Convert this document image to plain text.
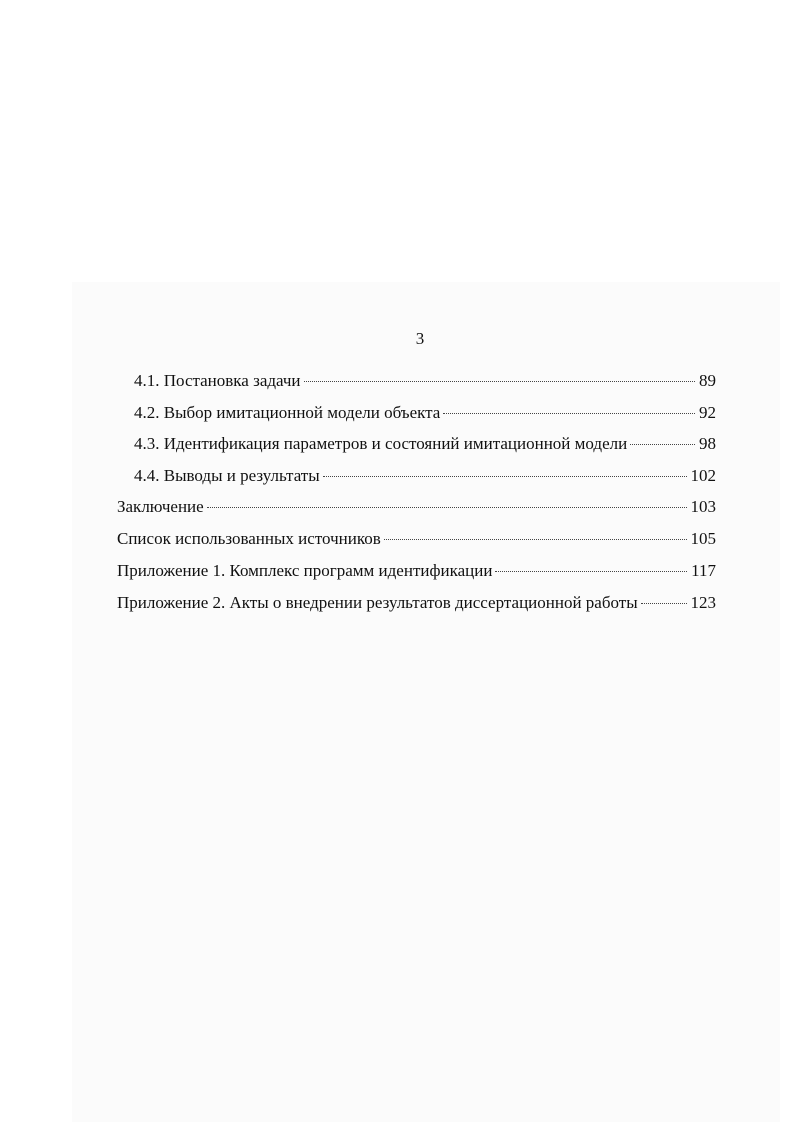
3
4.1. Постановка задачи	89
4.2. Выбор имитационной модели объекта	92
4.3. Идентификация параметров и состояний имитационной модели	98
4.4. Выводы и результаты	102
Заключение	103
Список использованных источников	105
Приложение 1. Комплекс программ идентификации	117
Приложение 2. Акты о внедрении результатов диссертационной работы	123
